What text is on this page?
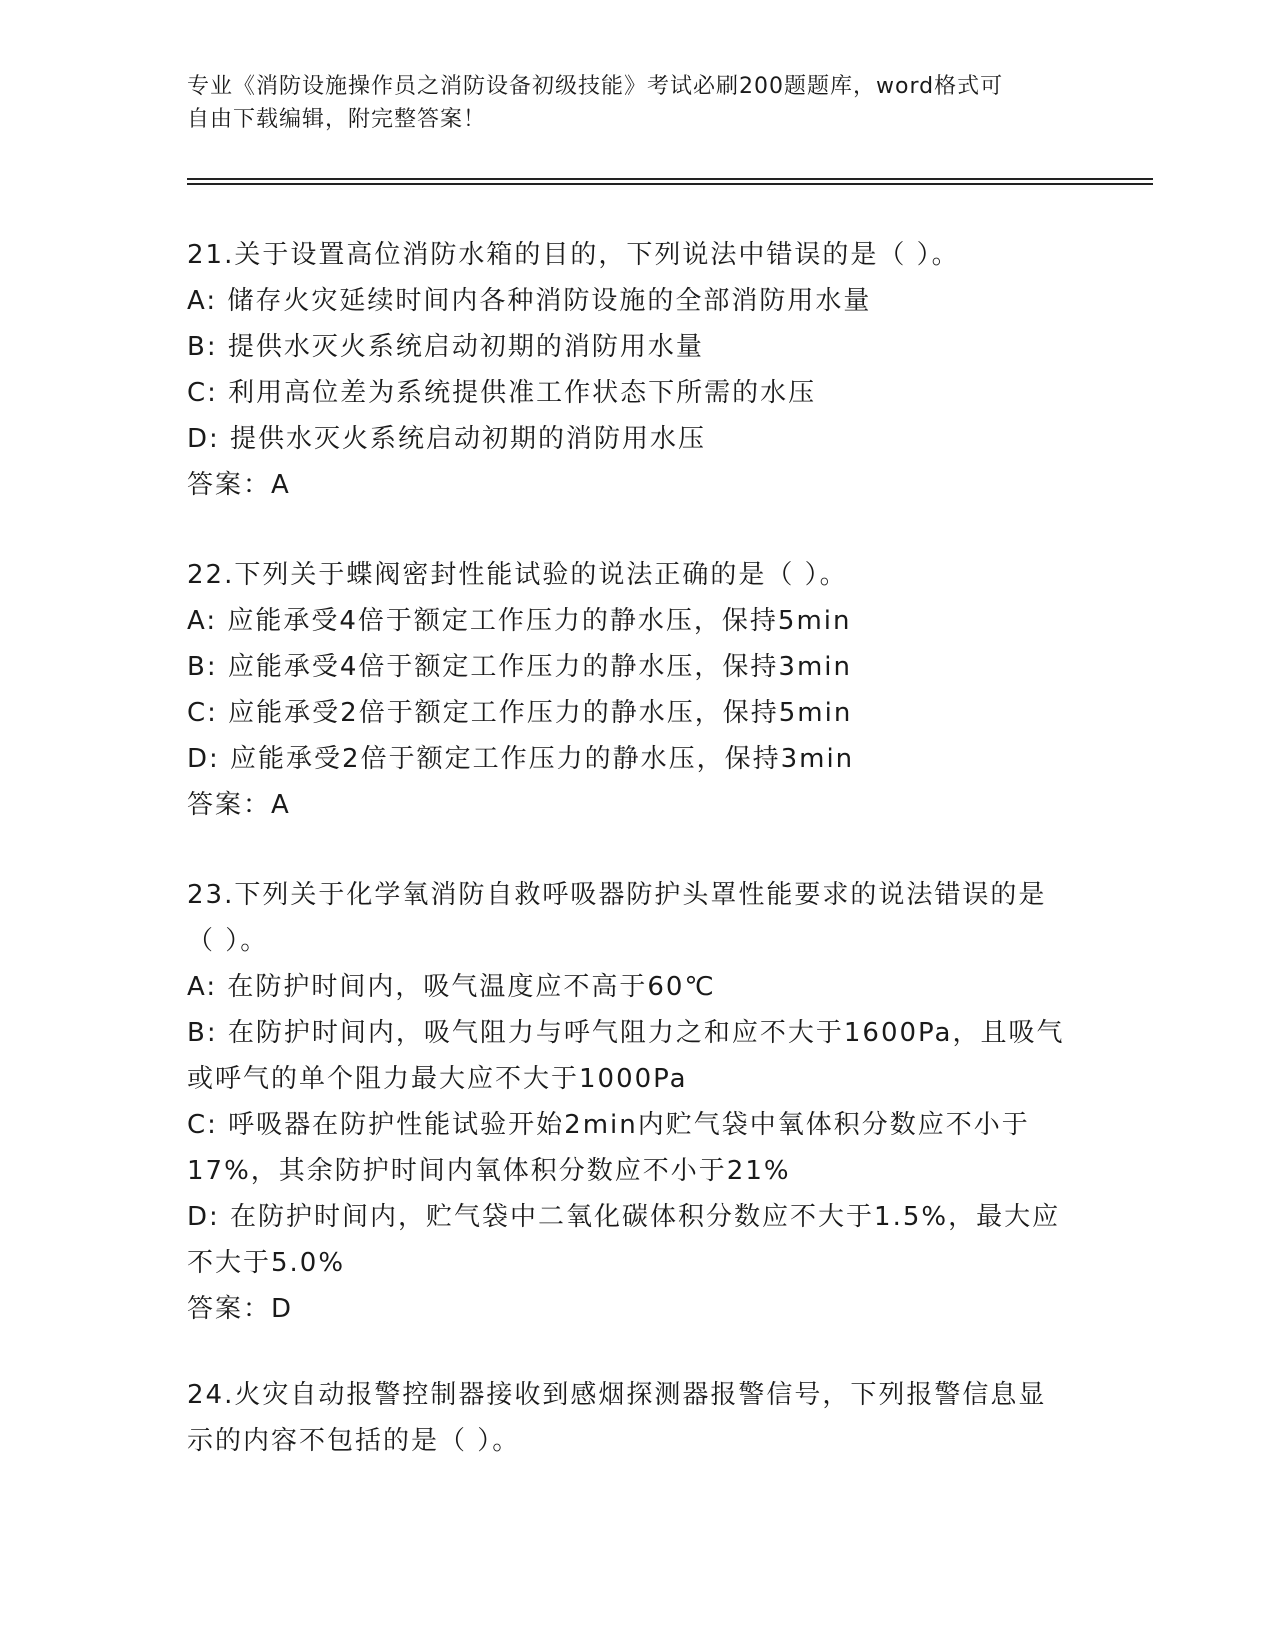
专业《消防设施操作员之消防设备初级技能》考试必刷200题题库，word格式可
自由下载编辑，附完整答案！
21.关于设置高位消防水箱的目的，下列说法中错误的是（ ）。
A: 储存火灾延续时间内各种消防设施的全部消防用水量
B: 提供水灭火系统启动初期的消防用水量
C: 利用高位差为系统提供准工作状态下所需的水压
D: 提供水灭火系统启动初期的消防用水压
答案：A
22.下列关于蝶阀密封性能试验的说法正确的是（ ）。
A: 应能承受4倍于额定工作压力的静水压，保持5min
B: 应能承受4倍于额定工作压力的静水压，保持3min
C: 应能承受2倍于额定工作压力的静水压，保持5min
D: 应能承受2倍于额定工作压力的静水压，保持3min
答案：A
23.下列关于化学氧消防自救呼吸器防护头罩性能要求的说法错误的是
（ ）。
A: 在防护时间内，吸气温度应不高于60℃
B: 在防护时间内，吸气阻力与呼气阻力之和应不大于1600Pa，且吸气
或呼气的单个阻力最大应不大于1000Pa
C: 呼吸器在防护性能试验开始2min内贮气袋中氧体积分数应不小于
17%，其余防护时间内氧体积分数应不小于21%
D: 在防护时间内，贮气袋中二氧化碳体积分数应不大于1.5%，最大应
不大于5.0%
答案：D
24.火灾自动报警控制器接收到感烟探测器报警信号，下列报警信息显
示的内容不包括的是（ ）。
